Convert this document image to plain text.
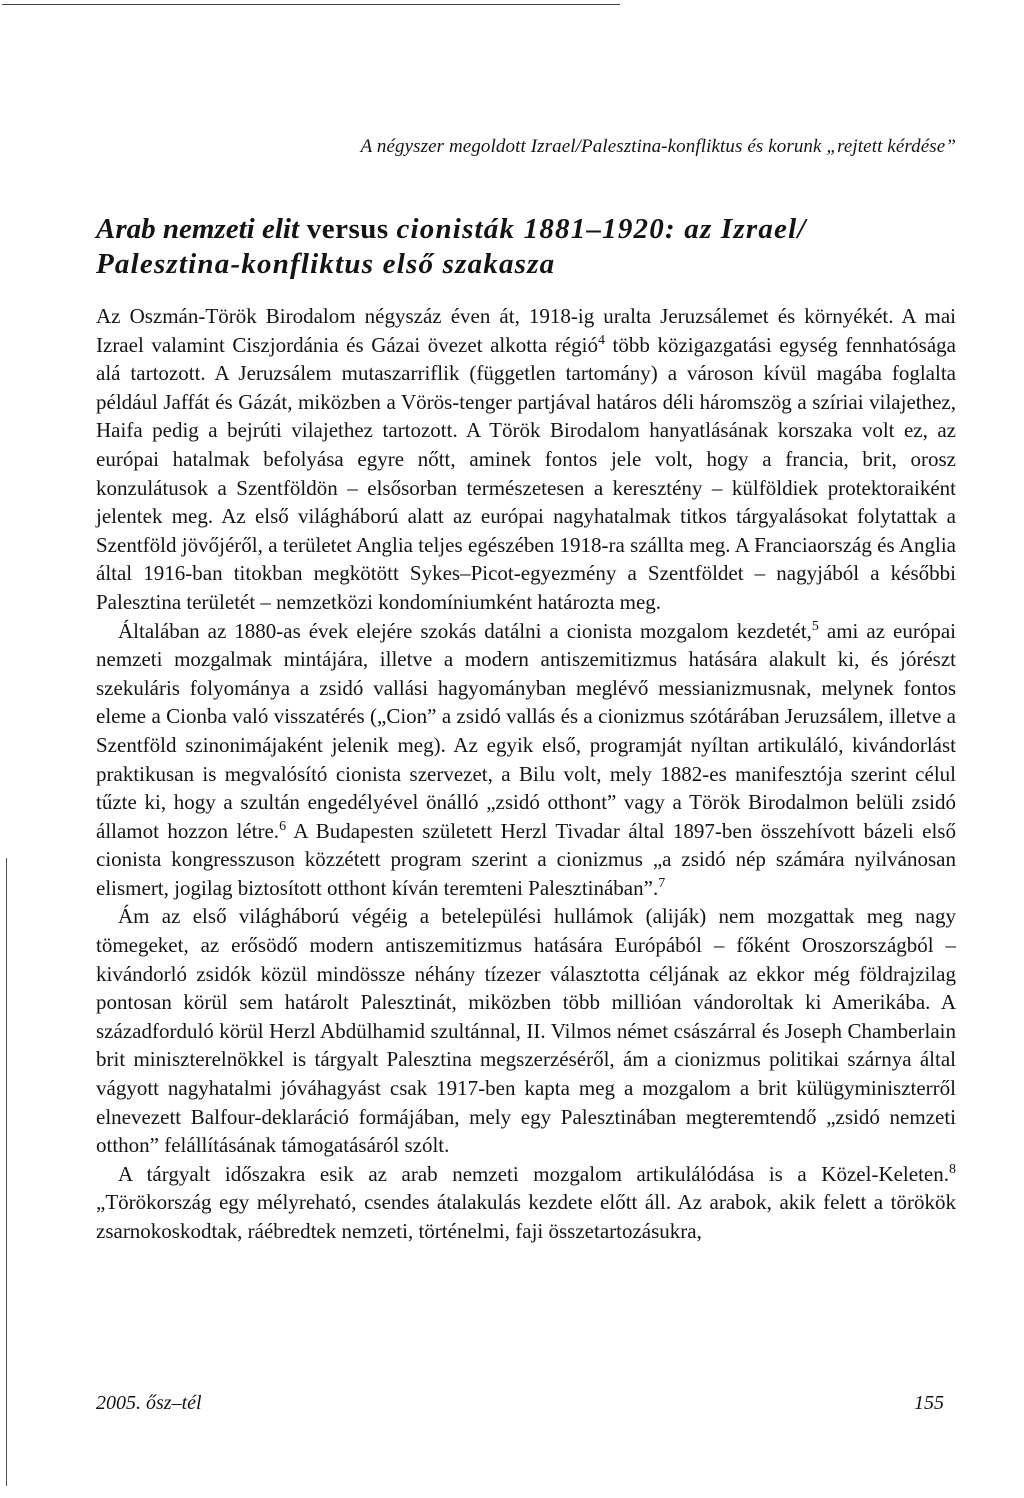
A négyszer megoldott Izrael/Palesztina-konfliktus és korunk „rejtett kérdése”
Arab nemzeti elit versus cionisták 1881–1920: az Izrael/ Palesztina-konfliktus első szakasza

Az Oszmán-Török Birodalom négyszáz éven át, 1918-ig uralta Jeruzsálemet és környékét. A mai Izrael valamint Ciszjordánia és Gázai övezet alkotta régió$^4$ több közigazgatási egység fennhatósága alá tartozott. A Jeruzsálem mutaszarriflik (független tartomány) a városon kívül magába foglalta például Jaffát és Gázát, miközben a Vörös-tenger partjával határos déli háromszög a szíriai vilajethez, Haifa pedig a bejrúti vilajethez tartozott. A Török Birodalom hanyatlásának korszaka volt ez, az európai hatalmak befolyása egyre nőtt, aminek fontos jele volt, hogy a francia, brit, orosz konzulátusok a Szentföldön – elsősorban természetesen a keresztény – külföldiek protektoraiként jelentek meg. Az első világháború alatt az európai nagyhatalmak titkos tárgyalásokat folytattak a Szentföld jövőjéről, a területet Anglia teljes egészében 1918-ra szállta meg. A Franciaország és Anglia által 1916-ban titokban megkötött Sykes–Picot-egyezmény a Szentföldet – nagyjából a későbbi Palesztina területét – nemzetközi kondomíniumként határozta meg.

Általában az 1880-as évek elejére szokás datálni a cionista mozgalom kezdetét,$^5$ ami az európai nemzeti mozgalmak mintájára, illetve a modern antiszemitizmus hatására alakult ki, és jórészt szekuláris folyománya a zsidó vallási hagyományban meglévő messianizmusnak, melynek fontos eleme a Cionba való visszatérés („Cion” a zsidó vallás és a cionizmus szótárában Jeruzsálem, illetve a Szentföld szinonimájaként jelenik meg). Az egyik első, programját nyíltan artikuláló, kivándorlást praktikusan is megvalósító cionista szervezet, a Bilu volt, mely 1882-es manifesztója szerint célul tűzte ki, hogy a szultán engedélyével önálló „zsidó otthont” vagy a Török Birodalmon belüli zsidó államot hozzon létre.$^6$ A Budapesten született Herzl Tivadar által 1897-ben összehívott bázeli első cionista kongresszuson közzétett program szerint a cionizmus „a zsidó nép számára nyilvánosan elismert, jogilag biztosított otthont kíván teremteni Palesztinában”.$^7$

Ám az első világháború végéig a betelepülési hullámok (aliják) nem mozgattak meg nagy tömegeket, az erősödő modern antiszemitizmus hatására Európából – főként Oroszországból – kivándorló zsidók közül mindössze néhány tízezer választotta céljának az ekkor még földrajzilag pontosan körül sem határolt Palesztinát, miközben több millióan vándoroltak ki Amerikába. A századforduló körül Herzl Abdülhamid szultánnal, II. Vilmos német császárral és Joseph Chamberlain brit miniszterelnökkel is tárgyalt Palesztina megszerzéséről, ám a cionizmus politikai szárnya által vágyott nagyhatalmi jóváhagyást csak 1917-ben kapta meg a mozgalom a brit külügyminiszterről elnevezett Balfour-deklaráció formájában, mely egy Palesztinában megteremtendő „zsidó nemzeti otthon” felállításának támogatásáról szólt.

A tárgyalt időszakra esik az arab nemzeti mozgalom artikulálódása is a Közel-Keleten.$^8$ „Törökország egy mélyreható, csendes átalakulás kezdete előtt áll. Az arabok, akik felett a törökök zsarnokoskodtak, ráébredtek nemzeti, történelmi, faji összetartozásukra,

2005. ősz–tél	155
